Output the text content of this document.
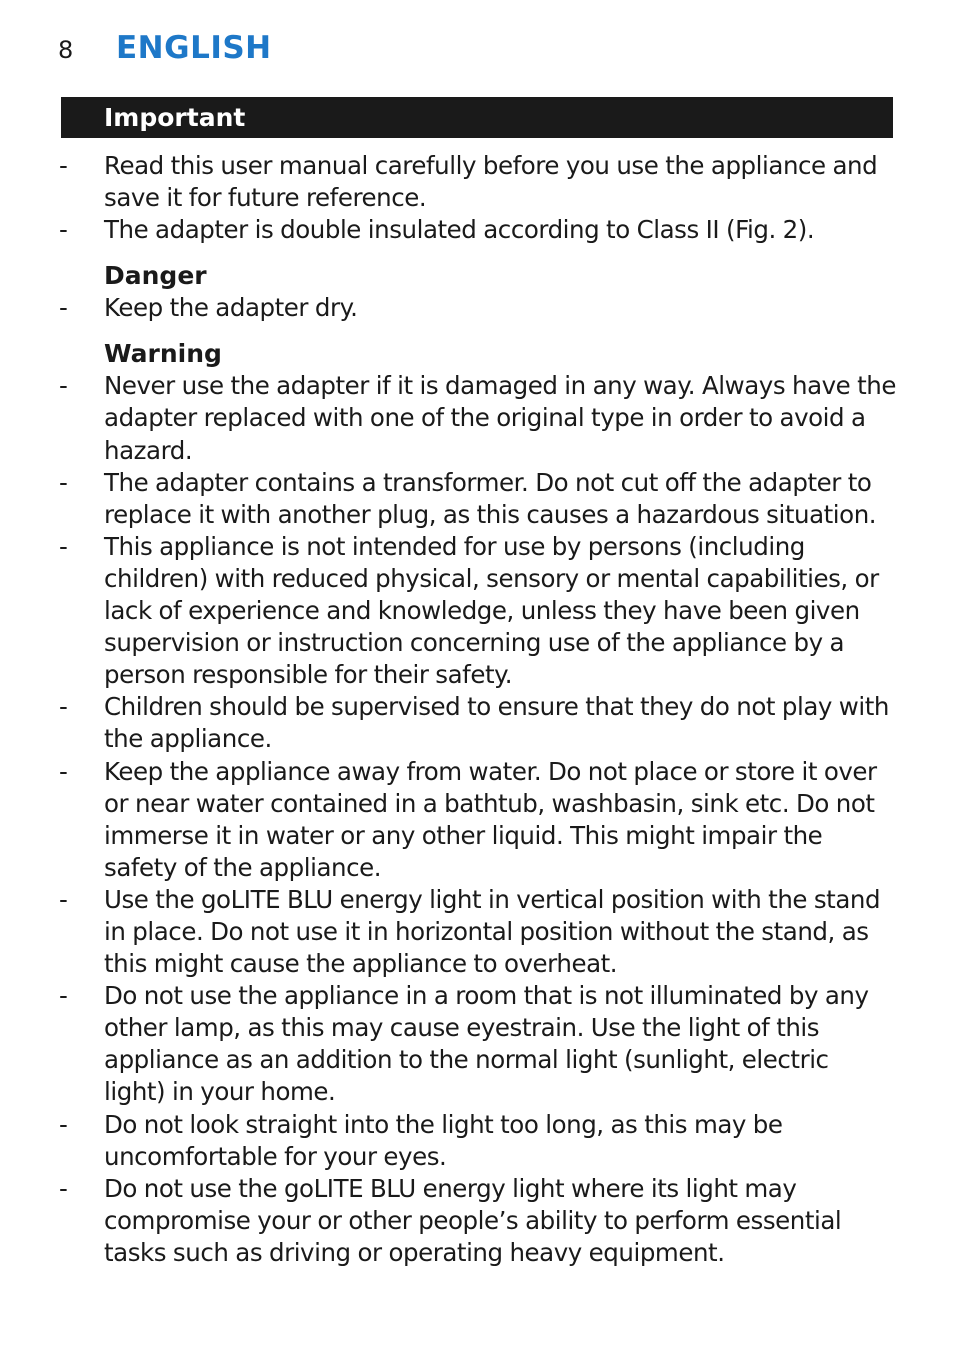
8	ENGLISH
Important
-	Read this user manual carefully before you use the appliance and save it for future reference.
-	The adapter is double insulated according to Class II (Fig. 2).
Danger
-	Keep the adapter dry.
Warning
-	Never use the adapter if it is damaged in any way. Always have the adapter replaced with one of the original type in order to avoid a hazard.
-	The adapter contains a transformer. Do not cut off the adapter to replace it with another plug, as this causes a hazardous situation.
-	This appliance is not intended for use by persons (including children) with reduced physical, sensory or mental capabilities, or lack of experience and knowledge, unless they have been given supervision or instruction concerning use of the appliance by a person responsible for their safety.
-	Children should be supervised to ensure that they do not play with the appliance.
-	Keep the appliance away from water. Do not place or store it over or near water contained in a bathtub, washbasin, sink etc. Do not immerse it in water or any other liquid. This might impair the safety of the appliance.
-	Use the goLITE BLU energy light in vertical position with the stand in place. Do not use it in horizontal position without the stand, as this might cause the appliance to overheat.
-	Do not use the appliance in a room that is not illuminated by any other lamp, as this may cause eyestrain. Use the light of this appliance as an addition to the normal light (sunlight, electric light) in your home.
-	Do not look straight into the light too long, as this may be uncomfortable for your eyes.
-	Do not use the goLITE BLU energy light where its light may compromise your or other people’s ability to perform essential tasks such as driving or operating heavy equipment.
